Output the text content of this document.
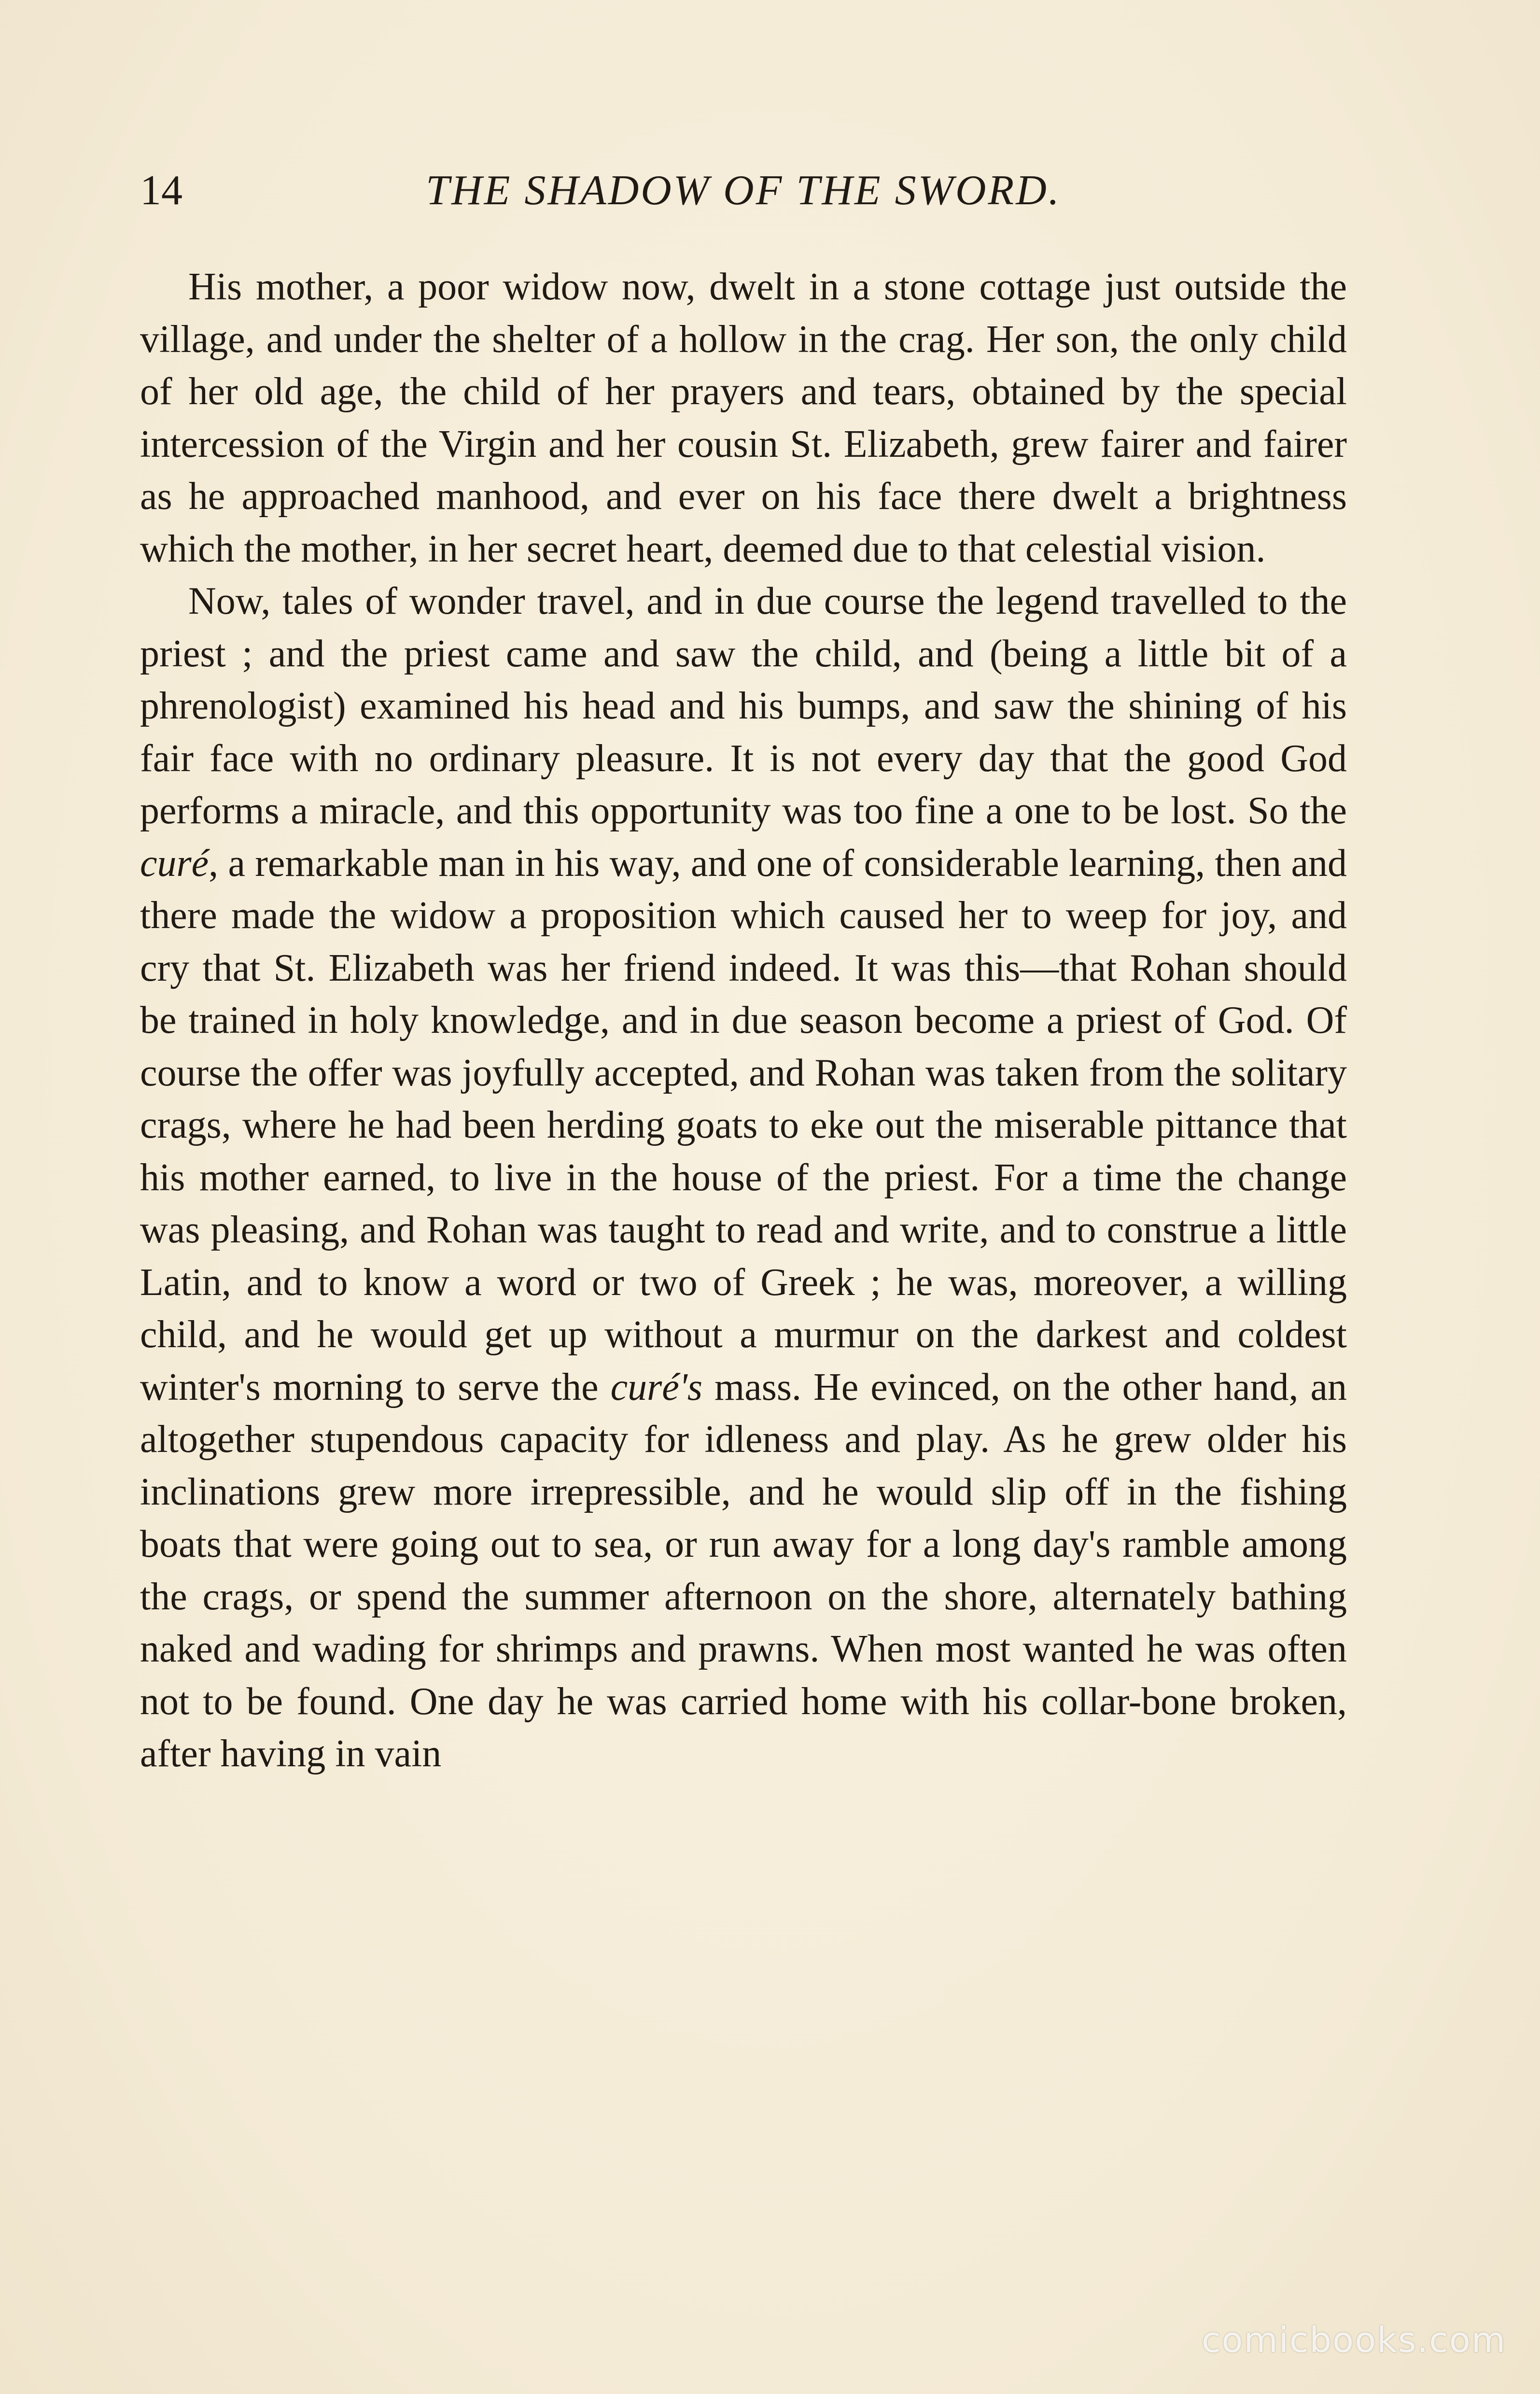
14	THE SHADOW OF THE SWORD.

His mother, a poor widow now, dwelt in a stone cottage just outside the village, and under the shelter of a hollow in the crag. Her son, the only child of her old age, the child of her prayers and tears, obtained by the special intercession of the Virgin and her cousin St. Elizabeth, grew fairer and fairer as he approached manhood, and ever on his face there dwelt a brightness which the mother, in her secret heart, deemed due to that celestial vision.

Now, tales of wonder travel, and in due course the legend travelled to the priest ; and the priest came and saw the child, and (being a little bit of a phrenologist) examined his head and his bumps, and saw the shining of his fair face with no ordinary pleasure. It is not every day that the good God performs a miracle, and this opportunity was too fine a one to be lost. So the curé, a remarkable man in his way, and one of considerable learning, then and there made the widow a proposition which caused her to weep for joy, and cry that St. Elizabeth was her friend indeed. It was this—that Rohan should be trained in holy knowledge, and in due season become a priest of God. Of course the offer was joyfully accepted, and Rohan was taken from the solitary crags, where he had been herding goats to eke out the miserable pittance that his mother earned, to live in the house of the priest. For a time the change was pleasing, and Rohan was taught to read and write, and to construe a little Latin, and to know a word or two of Greek ; he was, moreover, a willing child, and he would get up without a murmur on the darkest and coldest winter's morning to serve the curé's mass. He evinced, on the other hand, an altogether stupendous capacity for idleness and play. As he grew older his inclinations grew more irrepressible, and he would slip off in the fishing boats that were going out to sea, or run away for a long day's ramble among the crags, or spend the summer afternoon on the shore, alternately bathing naked and wading for shrimps and prawns. When most wanted he was often not to be found. One day he was carried home with his collar-bone broken, after having in vain

comicbooks.com
